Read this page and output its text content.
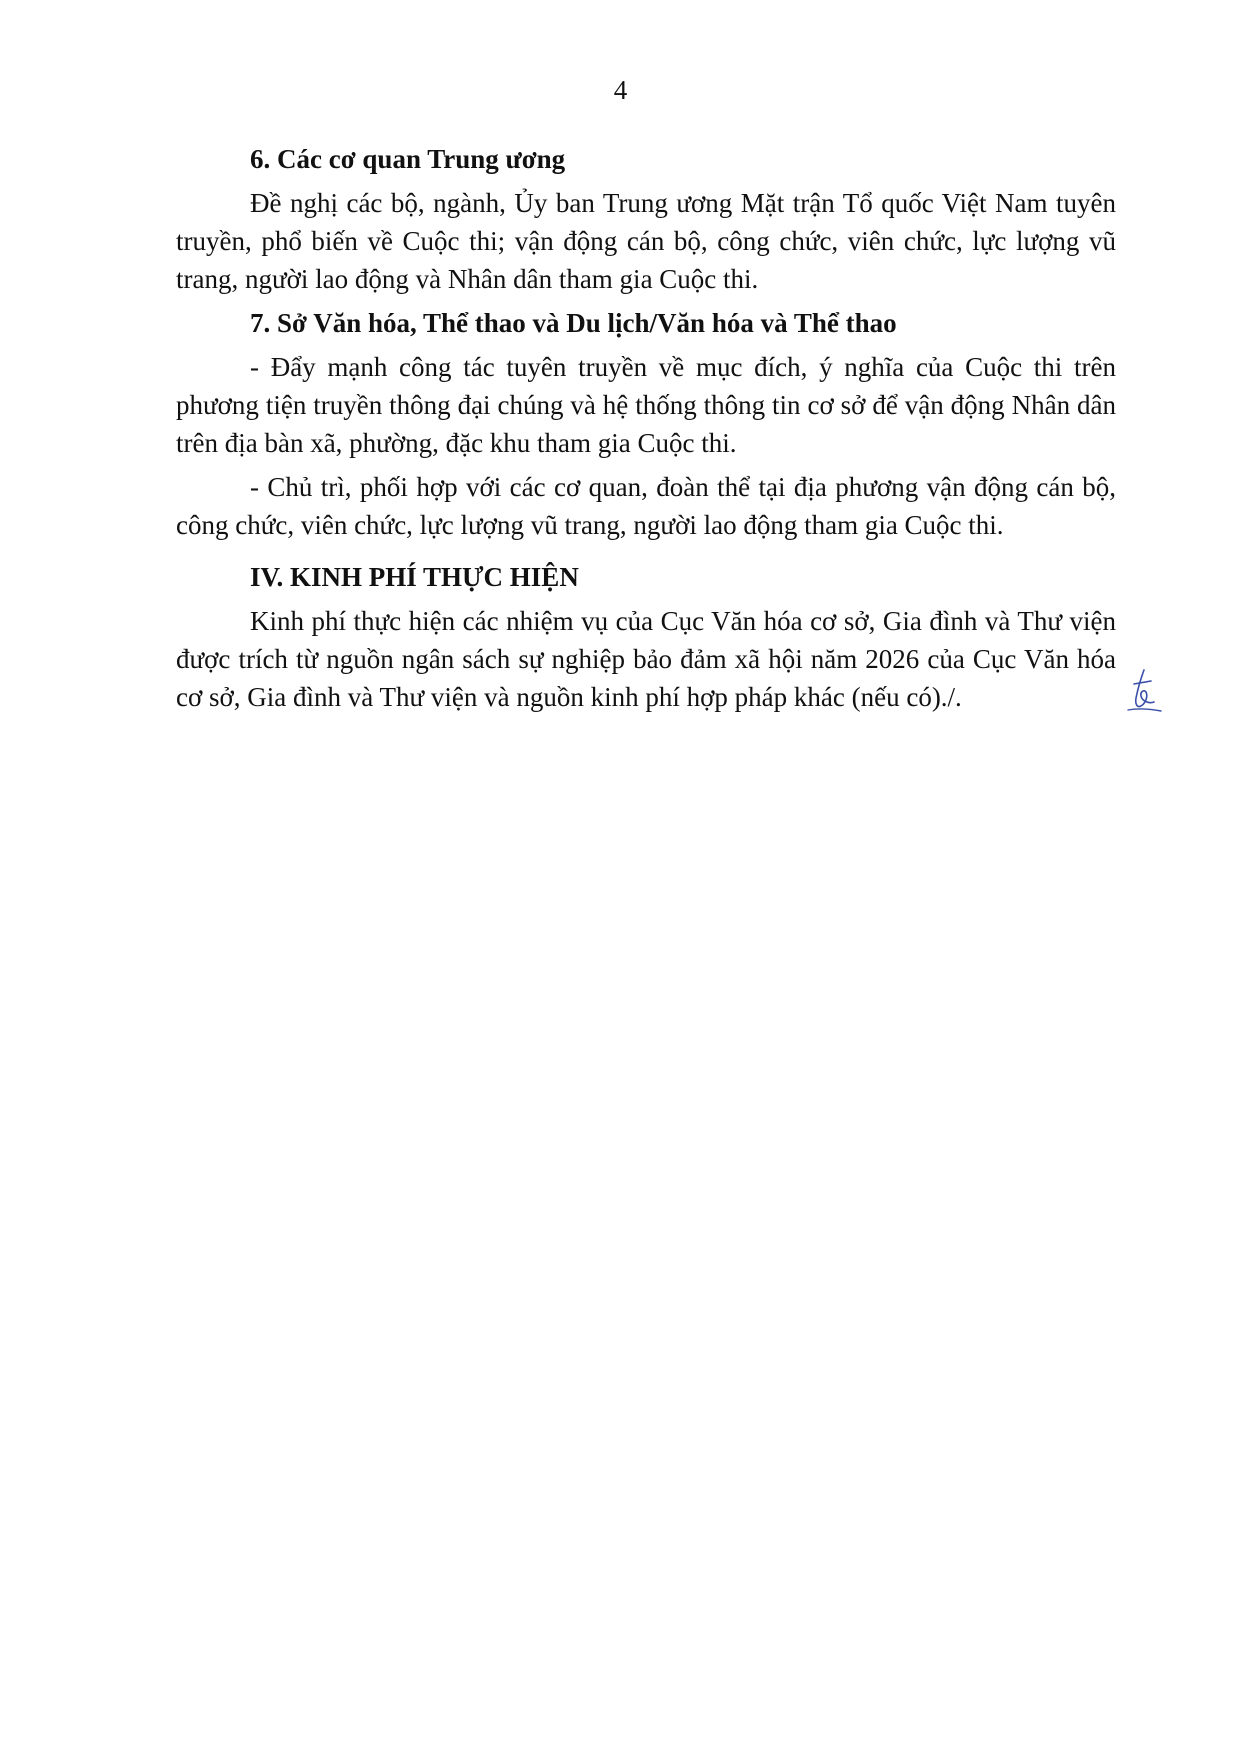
4
6. Các cơ quan Trung ương

Đề nghị các bộ, ngành, Ủy ban Trung ương Mặt trận Tổ quốc Việt Nam tuyên truyền, phổ biến về Cuộc thi; vận động cán bộ, công chức, viên chức, lực lượng vũ trang, người lao động và Nhân dân tham gia Cuộc thi.

7. Sở Văn hóa, Thể thao và Du lịch/Văn hóa và Thể thao

- Đẩy mạnh công tác tuyên truyền về mục đích, ý nghĩa của Cuộc thi trên phương tiện truyền thông đại chúng và hệ thống thông tin cơ sở để vận động Nhân dân trên địa bàn xã, phường, đặc khu tham gia Cuộc thi.

- Chủ trì, phối hợp với các cơ quan, đoàn thể tại địa phương vận động cán bộ, công chức, viên chức, lực lượng vũ trang, người lao động tham gia Cuộc thi.

IV. KINH PHÍ THỰC HIỆN

Kinh phí thực hiện các nhiệm vụ của Cục Văn hóa cơ sở, Gia đình và Thư viện được trích từ nguồn ngân sách sự nghiệp bảo đảm xã hội năm 2026 của Cục Văn hóa cơ sở, Gia đình và Thư viện và nguồn kinh phí hợp pháp khác (nếu có)./.
